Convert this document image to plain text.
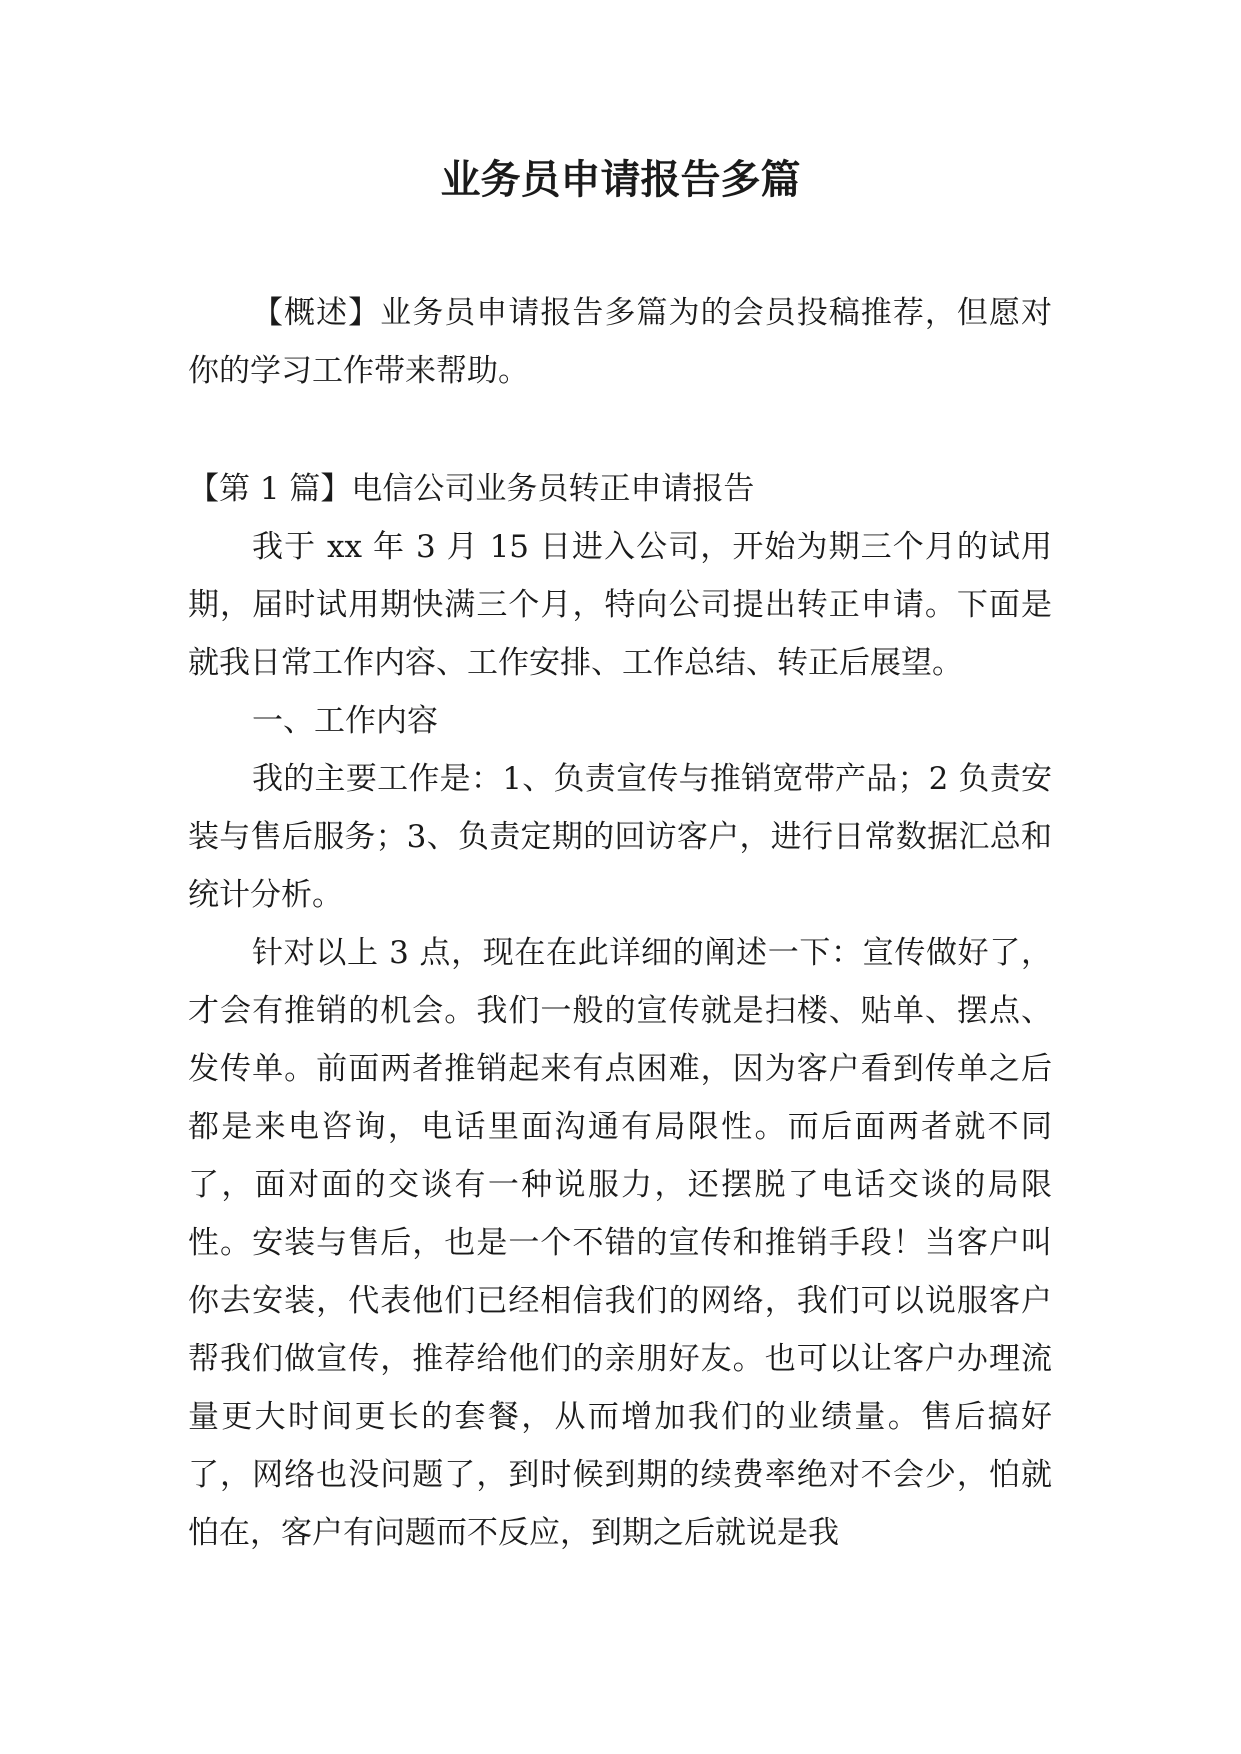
业务员申请报告多篇

【概述】业务员申请报告多篇为的会员投稿推荐，但愿对你的学习工作带来帮助。

【第 1 篇】电信公司业务员转正申请报告

我于 xx 年 3 月 15 日进入公司，开始为期三个月的试用期，届时试用期快满三个月，特向公司提出转正申请。下面是就我日常工作内容、工作安排、工作总结、转正后展望。

一、工作内容

我的主要工作是：1、负责宣传与推销宽带产品；2 负责安装与售后服务；3、负责定期的回访客户，进行日常数据汇总和统计分析。

针对以上 3 点，现在在此详细的阐述一下：宣传做好了，才会有推销的机会。我们一般的宣传就是扫楼、贴单、摆点、发传单。前面两者推销起来有点困难，因为客户看到传单之后都是来电咨询，电话里面沟通有局限性。而后面两者就不同了，面对面的交谈有一种说服力，还摆脱了电话交谈的局限性。安装与售后，也是一个不错的宣传和推销手段！当客户叫你去安装，代表他们已经相信我们的网络，我们可以说服客户帮我们做宣传，推荐给他们的亲朋好友。也可以让客户办理流量更大时间更长的套餐，从而增加我们的业绩量。售后搞好了，网络也没问题了，到时候到期的续费率绝对不会少，怕就怕在，客户有问题而不反应，到期之后就说是我
